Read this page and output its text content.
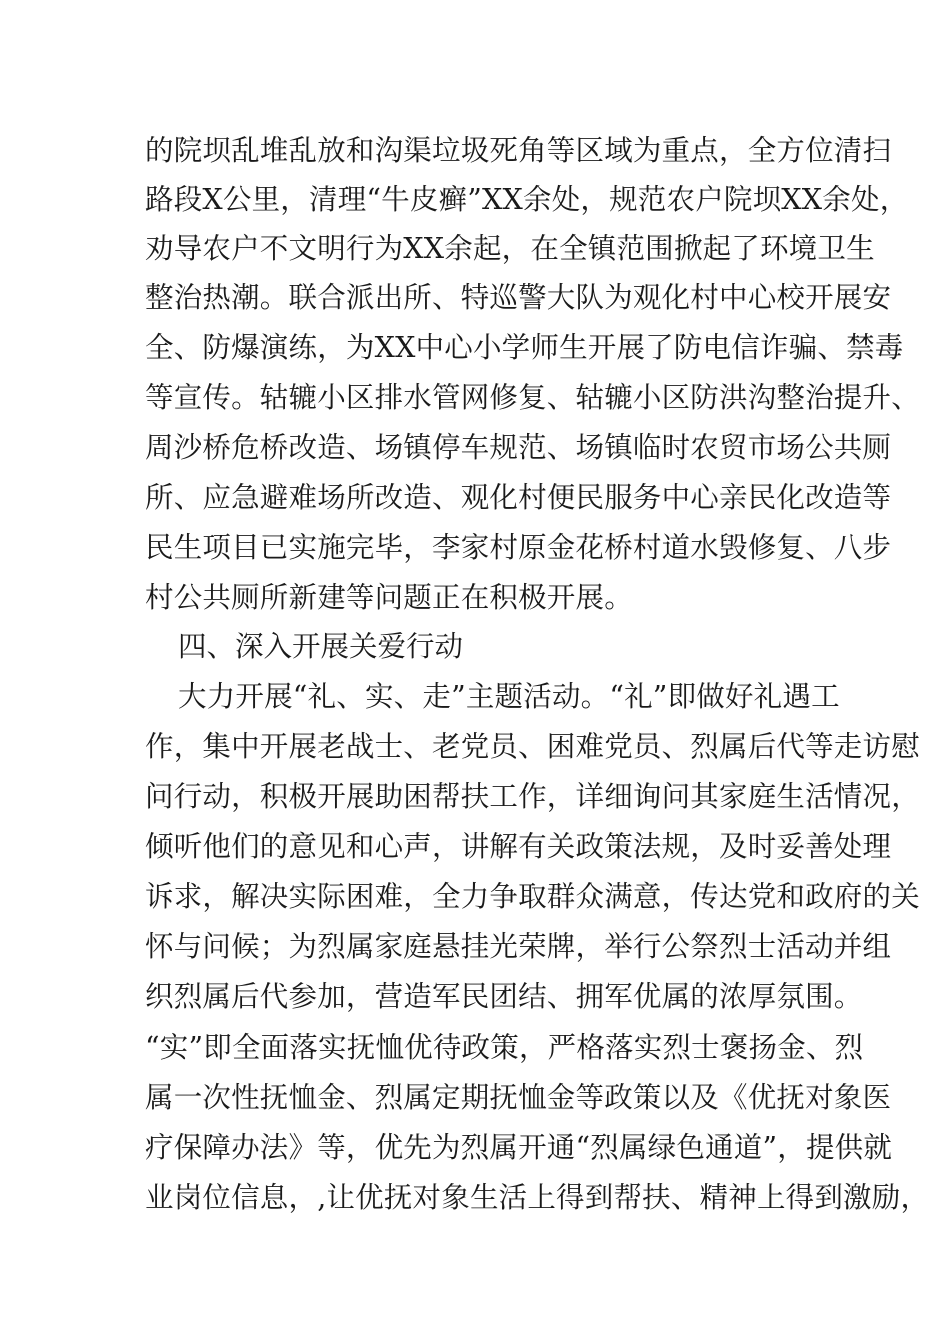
的院坝乱堆乱放和沟渠垃圾死角等区域为重点，全方位清扫
路段X公里，清理“牛皮癣”XX余处，规范农户院坝XX余处，
劝导农户不文明行为XX余起，在全镇范围掀起了环境卫生
整治热潮。联合派出所、特巡警大队为观化村中心校开展安
全、防爆演练，为XX中心小学师生开展了防电信诈骗、禁毒
等宣传。轱辘小区排水管网修复、轱辘小区防洪沟整治提升、
周沙桥危桥改造、场镇停车规范、场镇临时农贸市场公共厕
所、应急避难场所改造、观化村便民服务中心亲民化改造等
民生项目已实施完毕，李家村原金花桥村道水毁修复、八步
村公共厕所新建等问题正在积极开展。
四、深入开展关爱行动
大力开展“礼、实、走”主题活动。“礼”即做好礼遇工
作，集中开展老战士、老党员、困难党员、烈属后代等走访慰
问行动，积极开展助困帮扶工作，详细询问其家庭生活情况，
倾听他们的意见和心声，讲解有关政策法规，及时妥善处理
诉求，解决实际困难，全力争取群众满意，传达党和政府的关
怀与问候；为烈属家庭悬挂光荣牌，举行公祭烈士活动并组
织烈属后代参加，营造军民团结、拥军优属的浓厚氛围。
“实”即全面落实抚恤优待政策，严格落实烈士褒扬金、烈
属一次性抚恤金、烈属定期抚恤金等政策以及《优抚对象医
疗保障办法》等，优先为烈属开通“烈属绿色通道”，提供就
业岗位信息，,让优抚对象生活上得到帮扶、精神上得到激励，
